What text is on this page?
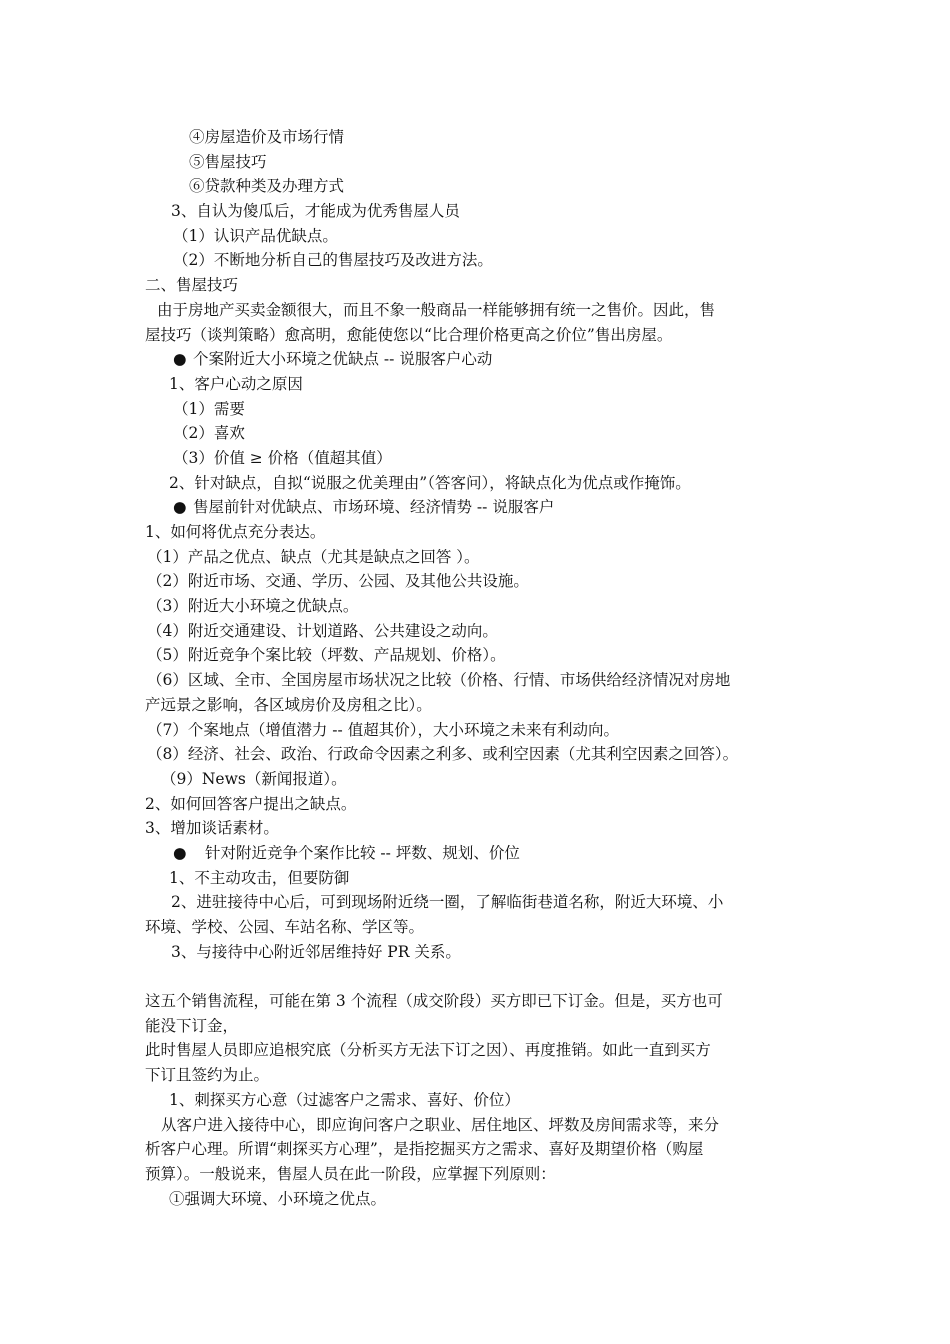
④房屋造价及市场行情
⑤售屋技巧
⑥贷款种类及办理方式
3、自认为傻瓜后，才能成为优秀售屋人员
（1）认识产品优缺点。
（2）不断地分析自己的售屋技巧及改进方法。
二、售屋技巧
由于房地产买卖金额很大，而且不象一般商品一样能够拥有统一之售价。因此，售
屋技巧（谈判策略）愈高明，愈能使您以“比合理价格更高之价位”售出房屋。
● 个案附近大小环境之优缺点 -- 说服客户心动
1、客户心动之原因
（1）需要
（2）喜欢
（3）价值 ≥ 价格（值超其值）
2、针对缺点，自拟“说服之优美理由”（答客问），将缺点化为优点或作掩饰。
● 售屋前针对优缺点、市场环境、经济情势 -- 说服客户
1、如何将优点充分表达。
（1）产品之优点、缺点（尤其是缺点之回答 ）。
（2）附近市场、交通、学历、公园、及其他公共设施。
（3）附近大小环境之优缺点。
（4）附近交通建设、计划道路、公共建设之动向。
（5）附近竞争个案比较（坪数、产品规划、价格）。
（6）区域、全市、全国房屋市场状况之比较（价格、行情、市场供给经济情况对房地
产远景之影响，各区域房价及房租之比）。
（7）个案地点（增值潜力 -- 值超其价），大小环境之未来有利动向。
（8）经济、社会、政治、行政命令因素之利多、或利空因素（尤其利空因素之回答）。
（9）News（新闻报道）。
2、如何回答客户提出之缺点。
3、增加谈话素材。
● 针对附近竞争个案作比较 -- 坪数、规划、价位
1、不主动攻击，但要防御
2、进驻接待中心后，可到现场附近绕一圈，了解临街巷道名称，附近大环境、小
环境、学校、公园、车站名称、学区等。
3、与接待中心附近邻居维持好 PR 关系。
这五个销售流程，可能在第 3 个流程（成交阶段）买方即已下订金。但是，买方也可
能没下订金，
此时售屋人员即应追根究底（分析买方无法下订之因）、再度推销。如此一直到买方
下订且签约为止。
1、刺探买方心意（过滤客户之需求、喜好、价位）
从客户进入接待中心，即应询问客户之职业、居住地区、坪数及房间需求等，来分
析客户心理。所谓“刺探买方心理”，是指挖掘买方之需求、喜好及期望价格（购屋
预算）。一般说来，售屋人员在此一阶段，应掌握下列原则：
①强调大环境、小环境之优点。
